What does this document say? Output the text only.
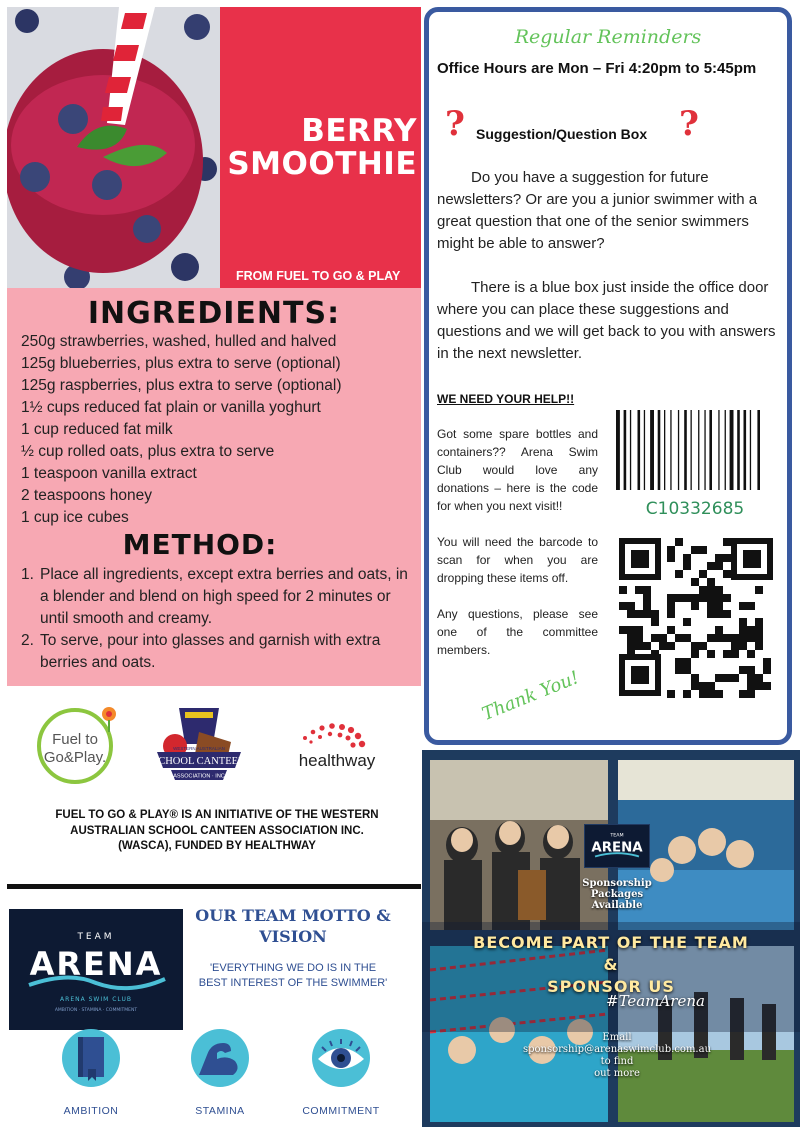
BERRY
SMOOTHIE
FROM FUEL TO GO & PLAY
INGREDIENTS:
250g strawberries, washed, hulled and halved
125g blueberries, plus extra to serve (optional)
125g raspberries, plus extra to serve (optional)
1½ cups reduced fat plain or vanilla yoghurt
1 cup reduced fat milk
½ cup rolled oats, plus extra to serve
1 teaspoon vanilla extract
2 teaspoons honey
1 cup ice cubes
METHOD:
1. Place all ingredients, except extra berries and oats, in a blender and blend on high speed for 2 minutes or until smooth and creamy.
2. To serve, pour into glasses and garnish with extra berries and oats.
Fuel to
Go&Play.
WESTERN AUSTRALIAN
SCHOOL CANTEEN
ASSOCIATION · INC
healthway
FUEL TO GO & PLAY® IS AN INITIATIVE OF THE WESTERN AUSTRALIAN SCHOOL CANTEEN ASSOCIATION INC. (WASCA), FUNDED BY HEALTHWAY
TEAM
ARENA
ARENA SWIM CLUB
AMBITION · STAMINA · COMMITMENT
OUR TEAM MOTTO & VISION
'EVERYTHING WE DO IS IN THE BEST INTEREST OF THE SWIMMER'
AMBITION	STAMINA	COMMITMENT
Regular Reminders
Office Hours are Mon – Fri 4:20pm to 5:45pm
?	?
Suggestion/Question Box
Do you have a suggestion for future newsletters? Or are you a junior swimmer with a great question that one of the senior swimmers might be able to answer?
There is a blue box just inside the office door where you can place these suggestions and questions and we will get back to you with answers in the next newsletter.
WE NEED YOUR HELP!!

Got some spare bottles and containers?? Arena Swim Club would love any donations – here is the code for when you next visit!!

You will need the barcode to scan for when you are dropping these items off.

Any questions, please see one of the committee members.

C10332685
Thank You!
TEAM
ARENA
Sponsorship Packages Available
BECOME PART OF THE TEAM
&
SPONSOR US
#TeamArena
Email
sponsorship@arenaswimclub.com.au
to find
out more
